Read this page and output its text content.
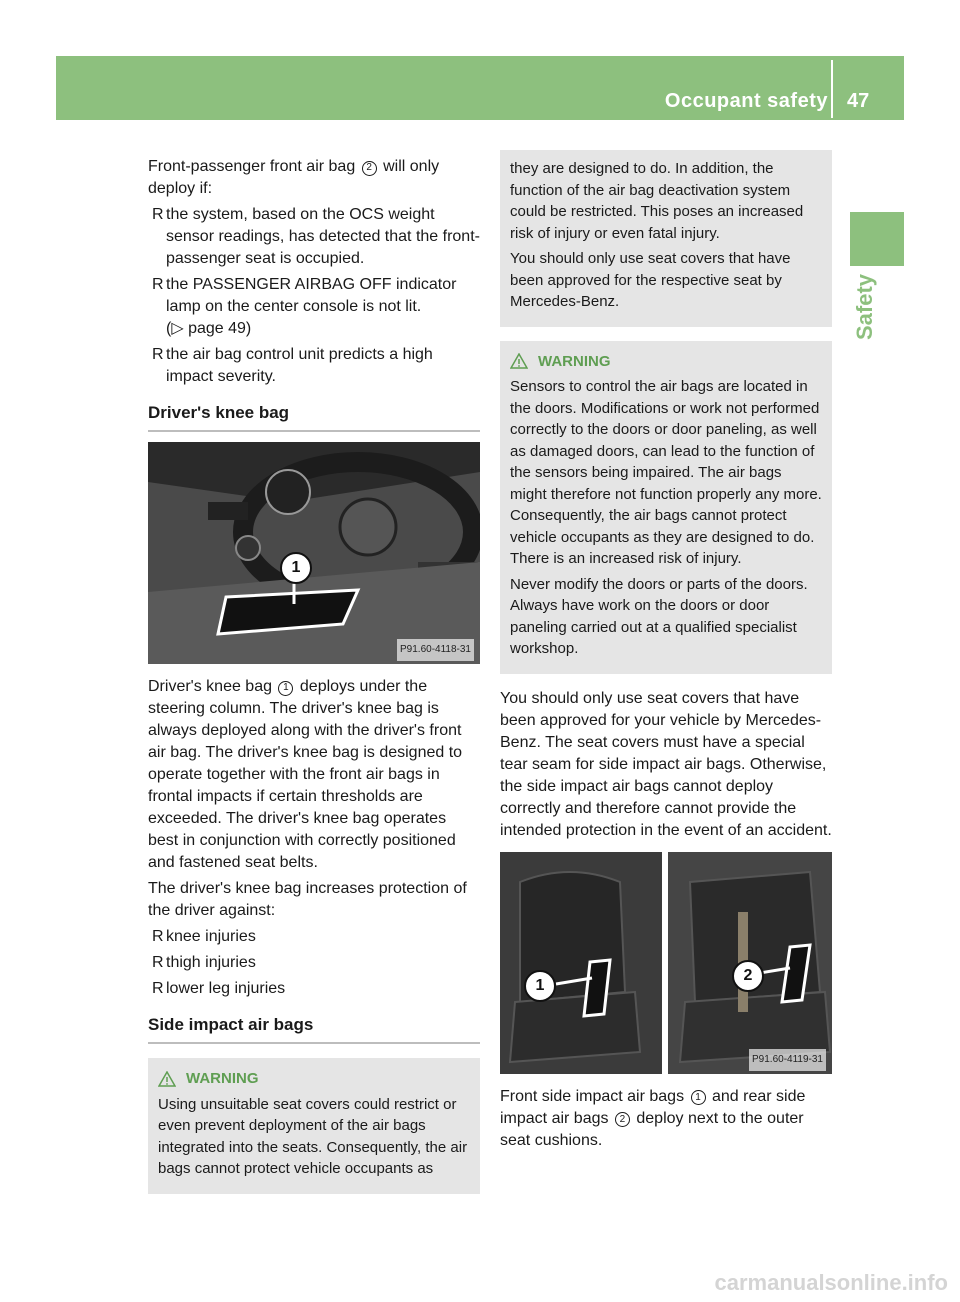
Occupant safety 47
Safety

Front-passenger front air bag 2 will only deploy if:

R the system, based on the OCS weight sensor readings, has detected that the front-passenger seat is occupied.
R the PASSENGER AIRBAG OFF indicator lamp on the center console is not lit.
(▷ page 49)
R the air bag control unit predicts a high impact severity.
Driver's knee bag
1
P91.60-4118-31

Driver's knee bag 1 deploys under the steering column. The driver's knee bag is always deployed along with the driver's front air bag. The driver's knee bag is designed to operate together with the front air bags in frontal impacts if certain thresholds are exceeded. The driver's knee bag operates best in conjunction with correctly positioned and fastened seat belts.

The driver's knee bag increases protection of the driver against:

R knee injuries
R thigh injuries
R lower leg injuries
Side impact air bags
WARNING

Using unsuitable seat covers could restrict or even prevent deployment of the air bags integrated into the seats. Consequently, the air bags cannot protect vehicle occupants as

they are designed to do. In addition, the function of the air bag deactivation system could be restricted. This poses an increased risk of injury or even fatal injury.

You should only use seat covers that have been approved for the respective seat by Mercedes-Benz.

WARNING

Sensors to control the air bags are located in the doors. Modifications or work not performed correctly to the doors or door paneling, as well as damaged doors, can lead to the function of the sensors being impaired. The air bags might therefore not function properly any more. Consequently, the air bags cannot protect vehicle occupants as they are designed to do. There is an increased risk of injury.

Never modify the doors or parts of the doors. Always have work on the doors or door paneling carried out at a qualified specialist workshop.

You should only use seat covers that have been approved for your vehicle by Mercedes-Benz. The seat covers must have a special tear seam for side impact air bags. Otherwise, the side impact air bags cannot deploy correctly and therefore cannot provide the intended protection in the event of an accident.

1
2
P91.60-4119-31

Front side impact air bags 1 and rear side impact air bags 2 deploy next to the outer seat cushions.

carmanualsonline.info
